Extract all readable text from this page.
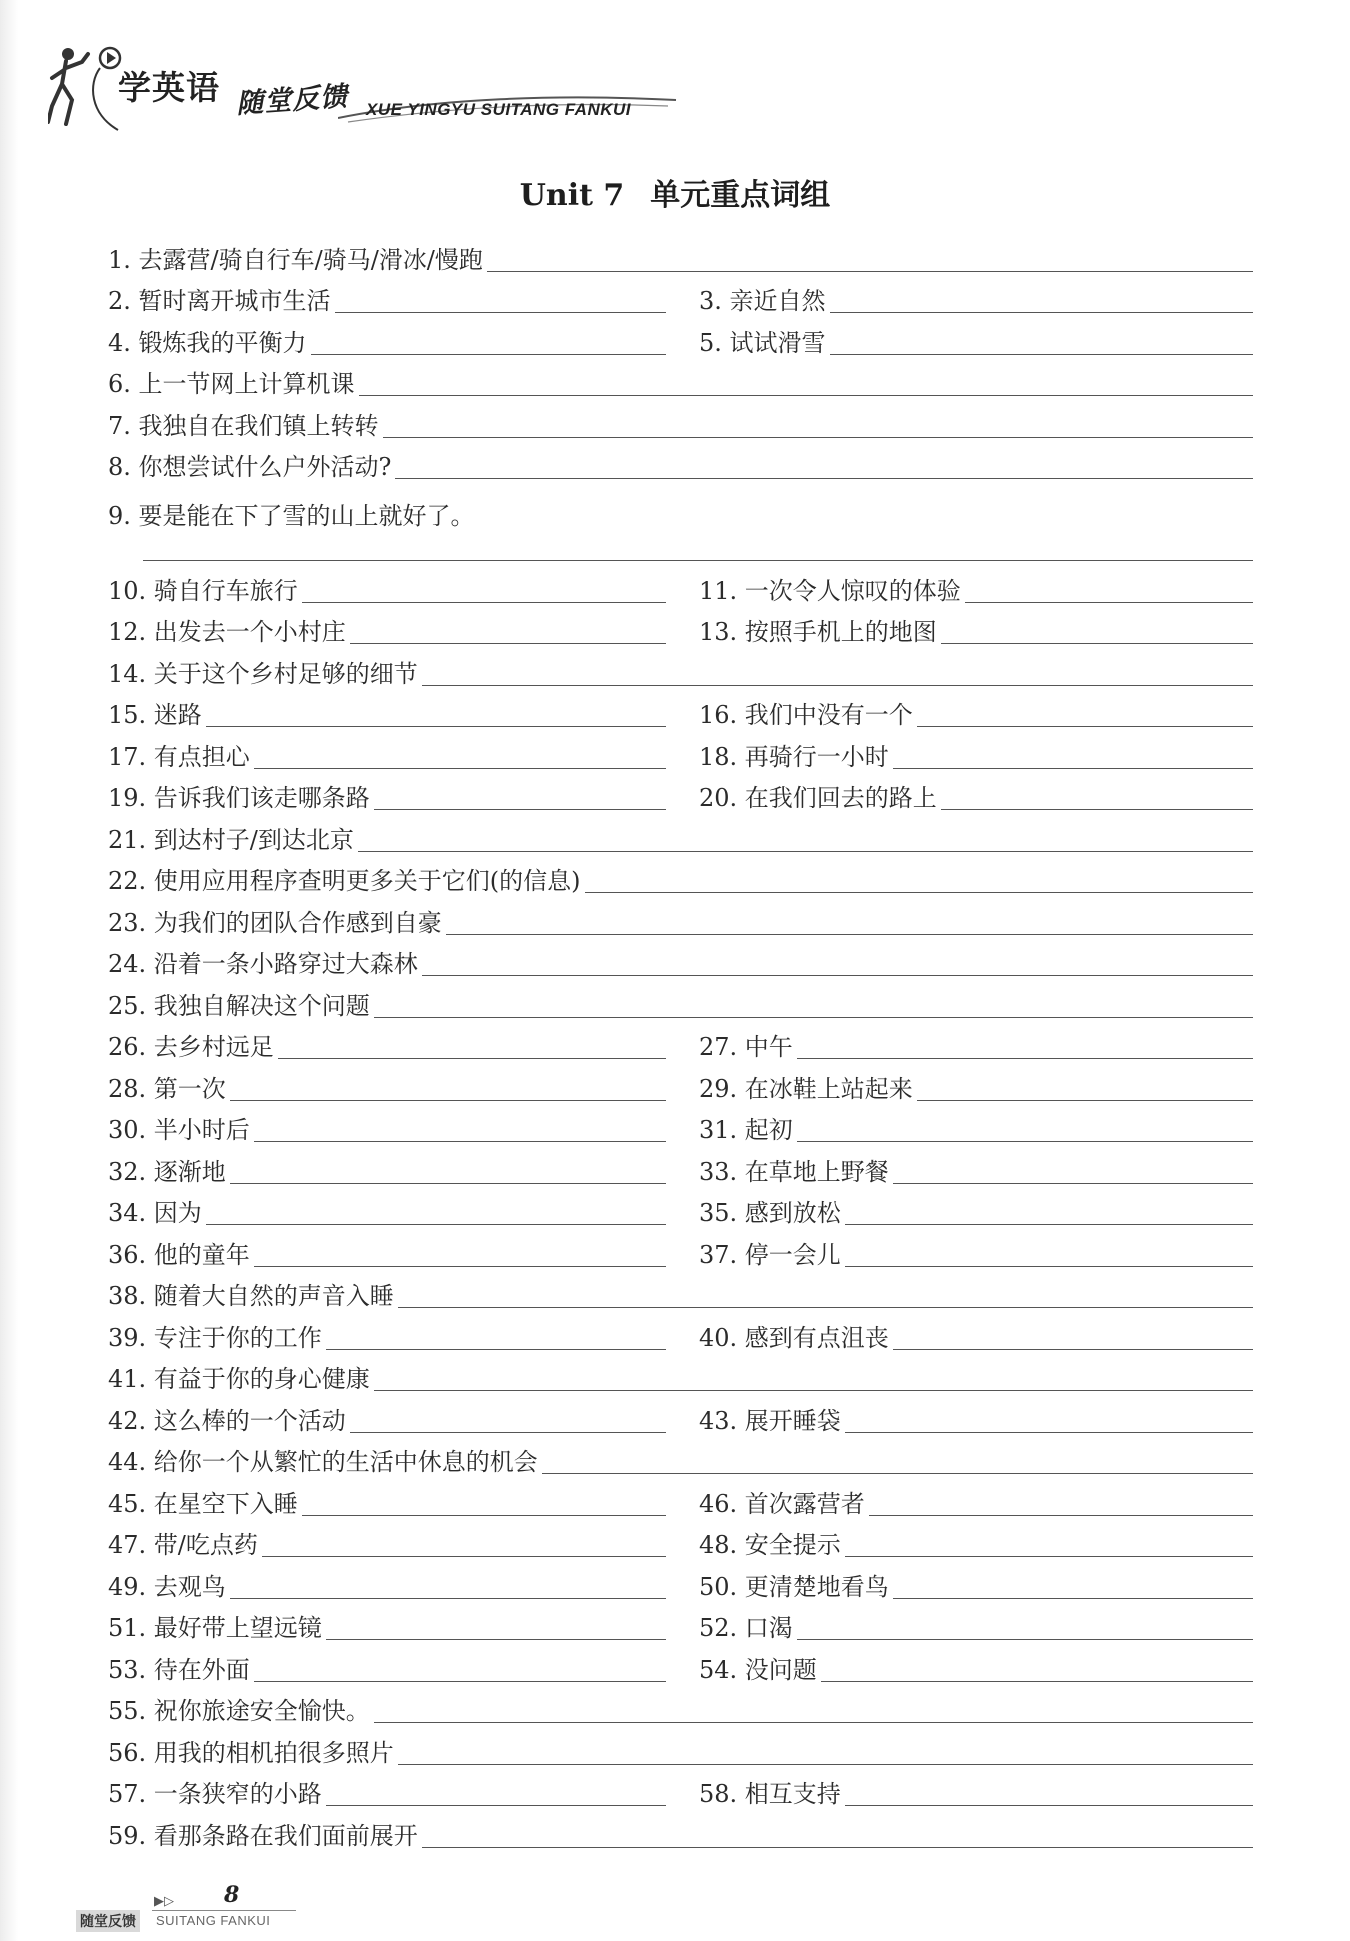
学英语 随堂反馈 XUE YINGYU SUITANG FANKUI
Unit 7 单元重点词组
1. 去露营/骑自行车/骑马/滑冰/慢跑
2. 暂时离开城市生活	3. 亲近自然
4. 锻炼我的平衡力	5. 试试滑雪
6. 上一节网上计算机课
7. 我独自在我们镇上转转
8. 你想尝试什么户外活动?
9. 要是能在下了雪的山上就好了。
10. 骑自行车旅行	11. 一次令人惊叹的体验
12. 出发去一个小村庄	13. 按照手机上的地图
14. 关于这个乡村足够的细节
15. 迷路	16. 我们中没有一个
17. 有点担心	18. 再骑行一小时
19. 告诉我们该走哪条路	20. 在我们回去的路上
21. 到达村子/到达北京
22. 使用应用程序查明更多关于它们(的信息)
23. 为我们的团队合作感到自豪
24. 沿着一条小路穿过大森林
25. 我独自解决这个问题
26. 去乡村远足	27. 中午
28. 第一次	29. 在冰鞋上站起来
30. 半小时后	31. 起初
32. 逐渐地	33. 在草地上野餐
34. 因为	35. 感到放松
36. 他的童年	37. 停一会儿
38. 随着大自然的声音入睡
39. 专注于你的工作	40. 感到有点沮丧
41. 有益于你的身心健康
42. 这么棒的一个活动	43. 展开睡袋
44. 给你一个从繁忙的生活中休息的机会
45. 在星空下入睡	46. 首次露营者
47. 带/吃点药	48. 安全提示
49. 去观鸟	50. 更清楚地看鸟
51. 最好带上望远镜	52. 口渴
53. 待在外面	54. 没问题
55. 祝你旅途安全愉快。
56. 用我的相机拍很多照片
57. 一条狭窄的小路	58. 相互支持
59. 看那条路在我们面前展开
▶▷ 8
随堂反馈	SUITANG FANKUI
